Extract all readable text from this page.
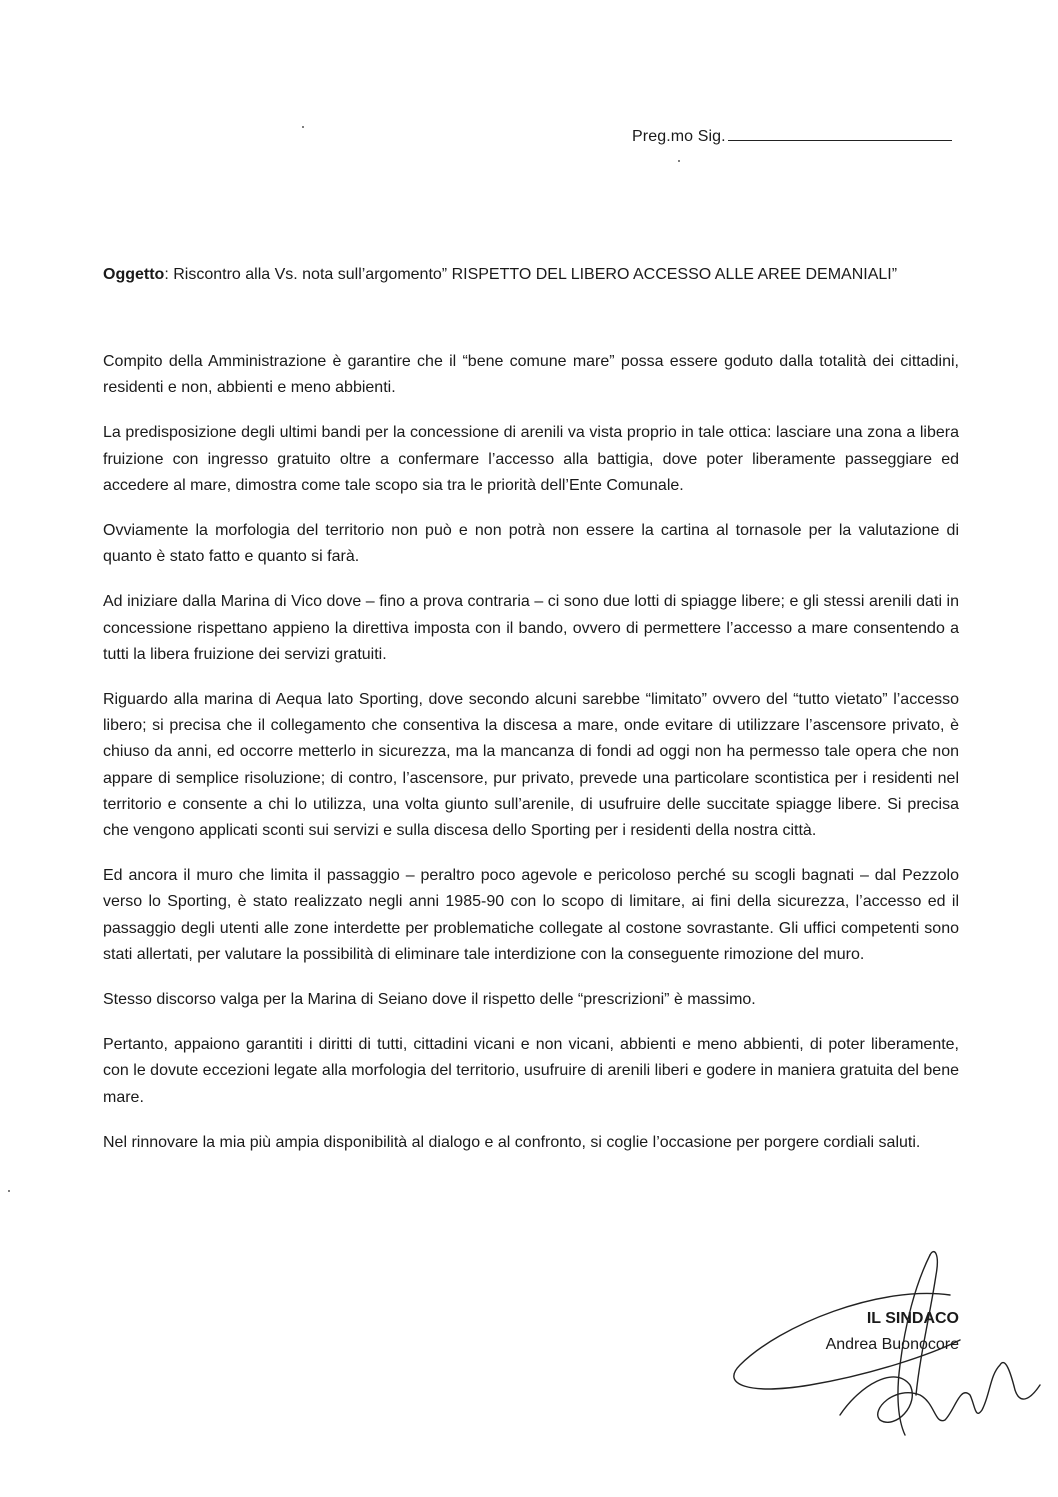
Preg.mo Sig.
Oggetto: Riscontro alla Vs. nota sull’argomento” RISPETTO DEL LIBERO ACCESSO ALLE AREE DEMANIALI”

Compito della Amministrazione è garantire che il “bene comune mare” possa essere goduto dalla totalità dei cittadini, residenti e non, abbienti e meno abbienti.

La predisposizione degli ultimi bandi per la concessione di arenili va vista proprio in tale ottica: lasciare una zona a libera fruizione con ingresso gratuito oltre a confermare l’accesso alla battigia, dove poter liberamente passeggiare ed accedere al mare, dimostra come tale scopo sia tra le priorità dell’Ente Comunale.

Ovviamente la morfologia del territorio non può e non potrà non essere la cartina al tornasole per la valutazione di quanto è stato fatto e quanto si farà.

Ad iniziare dalla Marina di Vico dove – fino a prova contraria – ci sono due lotti di spiagge libere; e gli stessi arenili dati in concessione rispettano appieno la direttiva imposta con il bando, ovvero di permettere l’accesso a mare consentendo a tutti la libera fruizione dei servizi gratuiti.

Riguardo alla marina di Aequa lato Sporting, dove secondo alcuni sarebbe “limitato” ovvero del “tutto vietato” l’accesso libero; si precisa che il collegamento che consentiva la discesa a mare, onde evitare di utilizzare l’ascensore privato, è chiuso da anni, ed occorre metterlo in sicurezza, ma la mancanza di fondi ad oggi non ha permesso tale opera che non appare di semplice risoluzione; di contro, l’ascensore, pur privato, prevede una particolare scontistica per i residenti nel territorio e consente a chi lo utilizza, una volta giunto sull’arenile, di usufruire delle succitate spiagge libere. Si precisa che vengono applicati sconti sui servizi e sulla discesa dello Sporting per i residenti della nostra città.

Ed ancora il muro che limita il passaggio – peraltro poco agevole e pericoloso perché su scogli bagnati – dal Pezzolo verso lo Sporting, è stato realizzato negli anni 1985-90 con lo scopo di limitare, ai fini della sicurezza, l’accesso ed il passaggio degli utenti alle zone interdette per problematiche collegate al costone sovrastante. Gli uffici competenti sono stati allertati, per valutare la possibilità di eliminare tale interdizione con la conseguente rimozione del muro.

Stesso discorso valga per la Marina di Seiano dove il rispetto delle “prescrizioni” è massimo.

Pertanto, appaiono garantiti i diritti di tutti, cittadini vicani e non vicani, abbienti e meno abbienti, di poter liberamente, con le dovute eccezioni legate alla morfologia del territorio, usufruire di arenili liberi e godere in maniera gratuita del bene mare.

Nel rinnovare la mia più ampia disponibilità al dialogo e al confronto, si coglie l’occasione per porgere cordiali saluti.

IL SINDACO
Andrea Buonocore
